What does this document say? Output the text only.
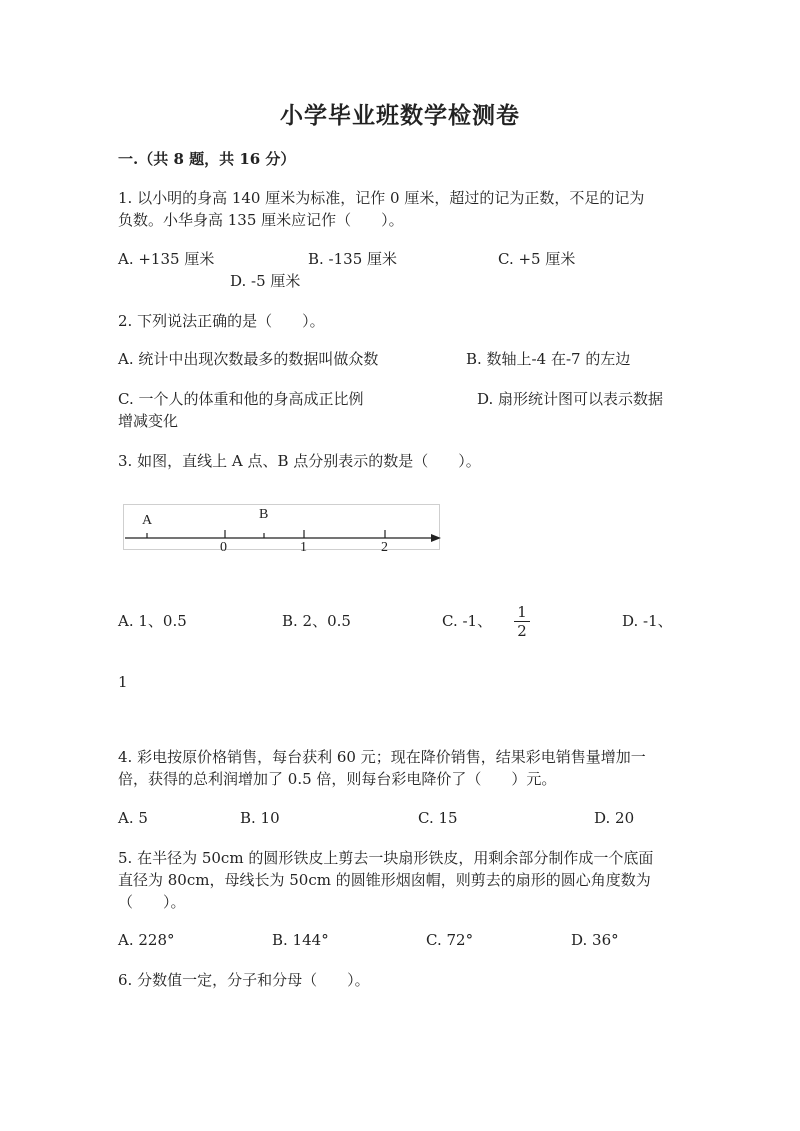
小学毕业班数学检测卷
一.（共 8 题，共 16 分）
1. 以小明的身高 140 厘米为标准，记作 0 厘米，超过的记为正数，不足的记为
负数。小华身高 135 厘米应记作（　　）。
A. +135 厘米	B. -135 厘米	C. +5 厘米
D. -5 厘米
2. 下列说法正确的是（　　）。
A. 统计中出现次数最多的数据叫做众数	B. 数轴上-4 在-7 的左边
C. 一个人的体重和他的身高成正比例	D. 扇形统计图可以表示数据
增减变化
3. 如图，直线上 A 点、B 点分别表示的数是（　　）。
A	B
0	1	2
A. 1、0.5	B. 2、0.5	C. -1、 1
2
D. -1、
1
4. 彩电按原价格销售，每台获利 60 元；现在降价销售，结果彩电销售量增加一
倍，获得的总利润增加了 0.5 倍，则每台彩电降价了（　　）元。
A. 5	B. 10	C. 15	D. 20
5. 在半径为 50cm 的圆形铁皮上剪去一块扇形铁皮，用剩余部分制作成一个底面
直径为 80cm，母线长为 50cm 的圆锥形烟囱帽，则剪去的扇形的圆心角度数为
（　　）。
A. 228°	B. 144°	C. 72°	D. 36°
6. 分数值一定，分子和分母（　　）。
